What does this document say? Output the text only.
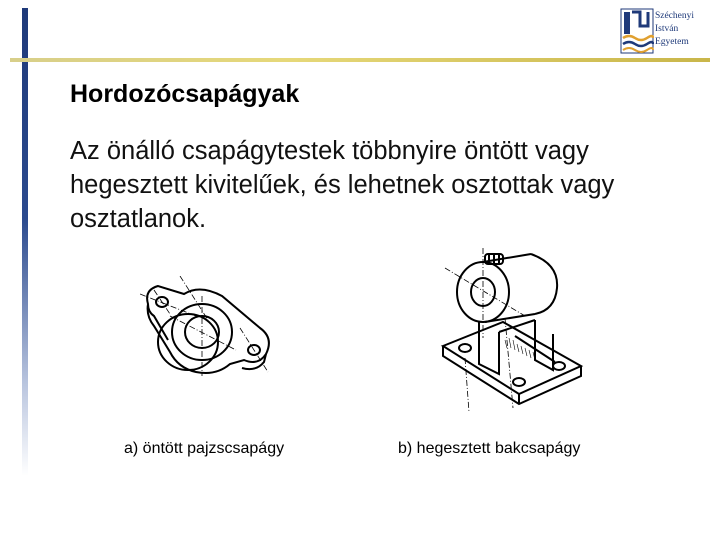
Széchenyi
István
Egyetem
Hordozócsapágyak
Az önálló csapágytestek többnyire öntött vagy hegesztett kivitelűek, és lehetnek osztottak vagy osztatlanok.
a) öntött pajzscsapágy	b) hegesztett bakcsapágy
